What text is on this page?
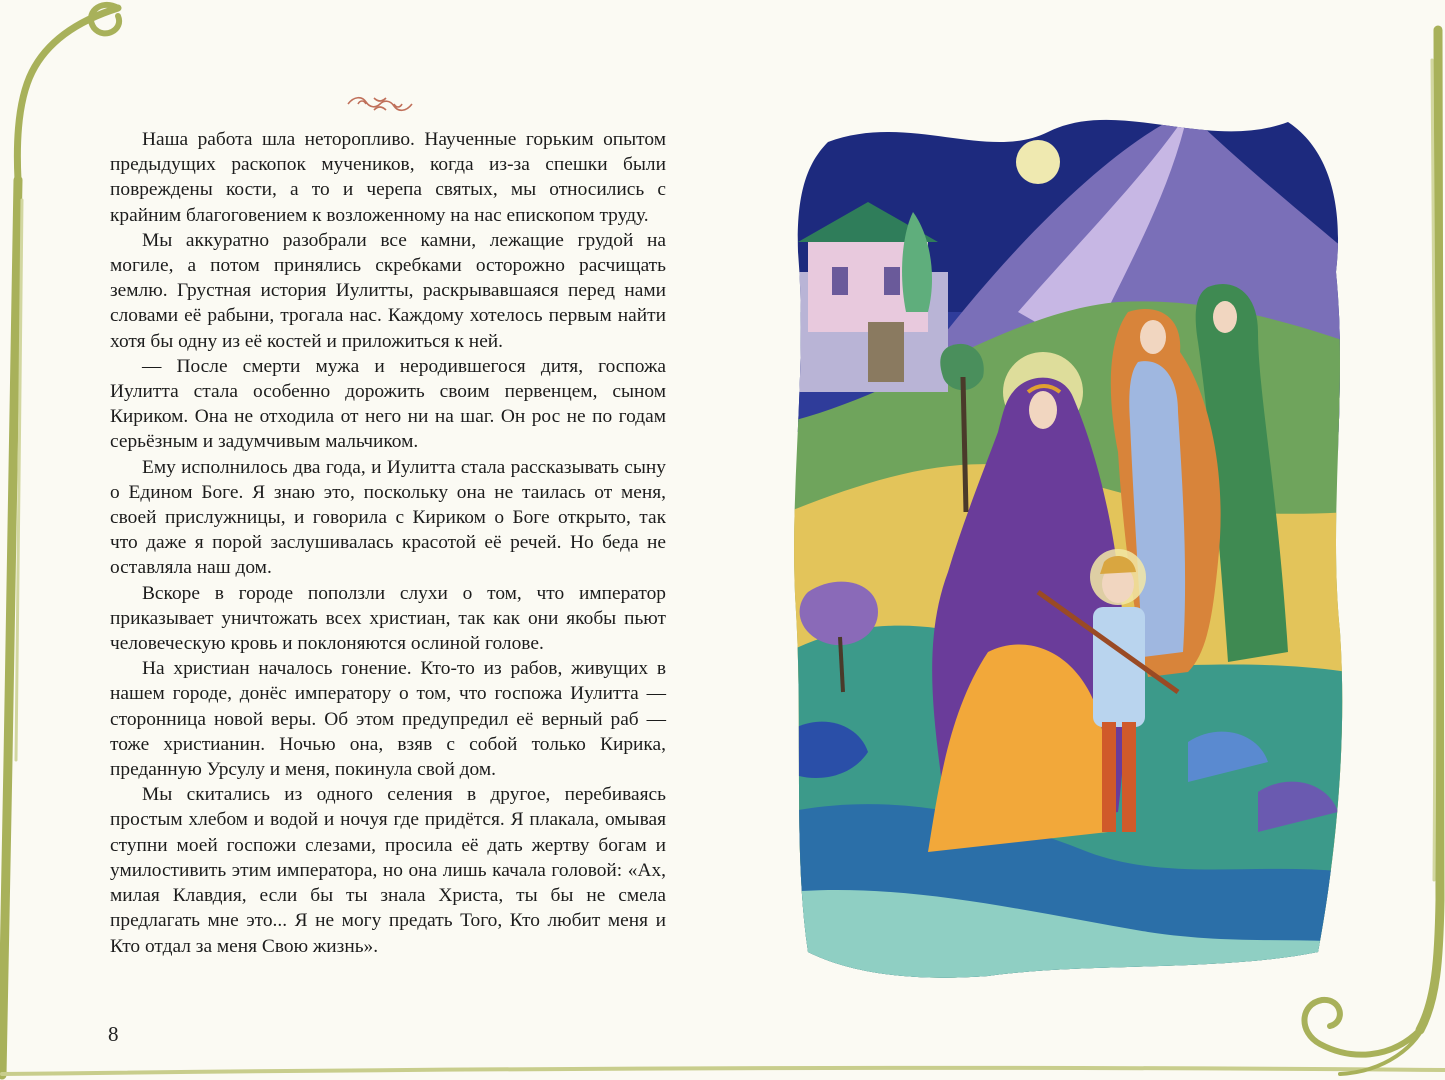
Наша работа шла неторопливо. Наученные горьким опытом предыдущих раскопок мучеников, когда из-за спешки были повреждены кости, а то и черепа святых, мы относились с крайним благоговением к возложенному на нас епископом труду.

Мы аккуратно разобрали все камни, лежащие грудой на могиле, а потом принялись скребками осторожно расчищать землю. Грустная история Иулитты, раскрывавшаяся перед нами словами её рабыни, трогала нас. Каждому хотелось первым найти хотя бы одну из её костей и приложиться к ней.

— После смерти мужа и неродившегося дитя, госпожа Иулитта стала особенно дорожить своим первенцем, сыном Кириком. Она не отходила от него ни на шаг. Он рос не по годам серьёзным и задумчивым мальчиком.

Ему исполнилось два года, и Иулитта стала рассказывать сыну о Едином Боге. Я знаю это, поскольку она не таилась от меня, своей прислужницы, и говорила с Кириком о Боге открыто, так что даже я порой заслушивалась красотой её речей. Но беда не оставляла наш дом.

Вскоре в городе поползли слухи о том, что император приказывает уничтожать всех христиан, так как они якобы пьют человеческую кровь и поклоняются ослиной голове.

На христиан началось гонение. Кто-то из рабов, живущих в нашем городе, донёс императору о том, что госпожа Иулитта — сторонница новой веры. Об этом предупредил её верный раб — тоже христианин. Ночью она, взяв с собой только Кирика, преданную Урсулу и меня, покинула свой дом.

Мы скитались из одного селения в другое, перебиваясь простым хлебом и водой и ночуя где придётся. Я плакала, омывая ступни моей госпожи слезами, просила её дать жертву богам и умилостивить этим императора, но она лишь качала головой: «Ах, милая Клавдия, если бы ты знала Христа, ты бы не смела предлагать мне это... Я не могу предать Того, Кто любит меня и Кто отдал за меня Свою жизнь».

8
